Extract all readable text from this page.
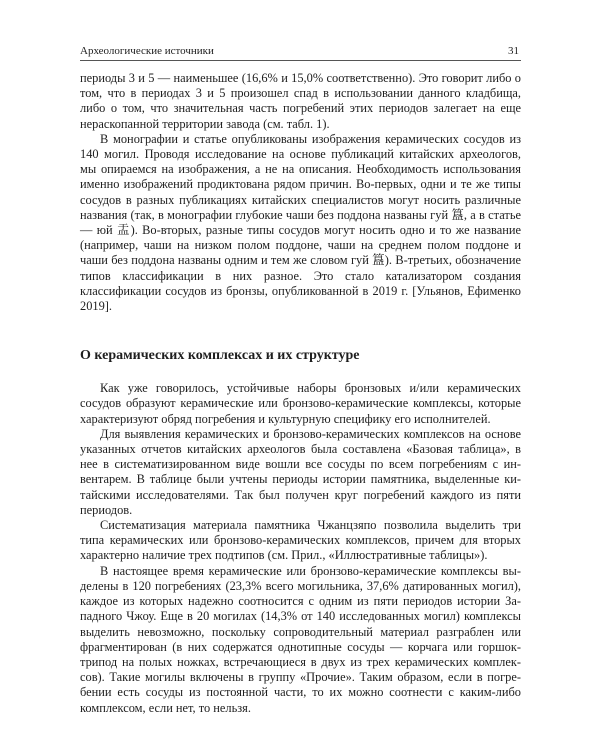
Археологические источники	31

периоды 3 и 5 — наименьшее (16,6% и 15,0% соответственно). Это говорит либо о том, что в периодах 3 и 5 произошел спад в использовании данного кладбища, либо о том, что значительная часть погребений этих периодов залегает на еще нераскопанной территории завода (см. табл. 1).

В монографии и статье опубликованы изображения керамических сосудов из 140 могил. Проводя исследование на основе публикаций китайских археологов, мы опираемся на изображения, а не на описания. Необходимость использования именно изображений продиктована рядом причин. Во-первых, одни и те же типы сосудов в разных публикациях китайских специалистов могут носить различные названия (так, в монографии глубокие чаши без поддона названы гуй 簋, а в статье — юй 盂). Во-вторых, разные типы сосудов могут носить одно и то же название (например, чаши на низком полом поддоне, чаши на среднем полом поддоне и чаши без поддона названы одним и тем же словом гуй 簋). В-третьих, обозначение типов классификации в них разное. Это стало катализатором создания классификации сосудов из бронзы, опубликованной в 2019 г. [Ульянов, Ефименко 2019].

О керамических комплексах и их структуре

Как уже говорилось, устойчивые наборы бронзовых и/или керамических сосудов образуют керамические или бронзово-керамические комплексы, которые характеризуют обряд погребения и культурную специфику его исполнителей.

Для выявления керамических и бронзово-керамических комплексов на основе указанных отчетов китайских археологов была составлена «Базовая таблица», в нее в систематизированном виде вошли все сосуды по всем погребениям с инвентарем. В таблице были учтены периоды истории памятника, выделенные китайскими исследователями. Так был получен круг погребений каждого из пяти периодов.

Систематизация материала памятника Чжанцзяпо позволила выделить три типа керамических или бронзово-керамических комплексов, причем для вторых характерно наличие трех подтипов (см. Прил., «Иллюстративные таблицы»).

В настоящее время керамические или бронзово-керамические комплексы выделены в 120 погребениях (23,3% всего могильника, 37,6% датированных могил), каждое из которых надежно соотносится с одним из пяти периодов истории Западного Чжоу. Еще в 20 могилах (14,3% от 140 исследованных могил) комплексы выделить невозможно, поскольку сопроводительный материал разграблен или фрагментирован (в них содержатся однотипные сосуды — корчага или горшок-трипод на полых ножках, встречающиеся в двух из трех керамических комплексов). Такие могилы включены в группу «Прочие». Таким образом, если в погребении есть сосуды из постоянной части, то их можно соотнести с каким-либо комплексом, если нет, то нельзя.
